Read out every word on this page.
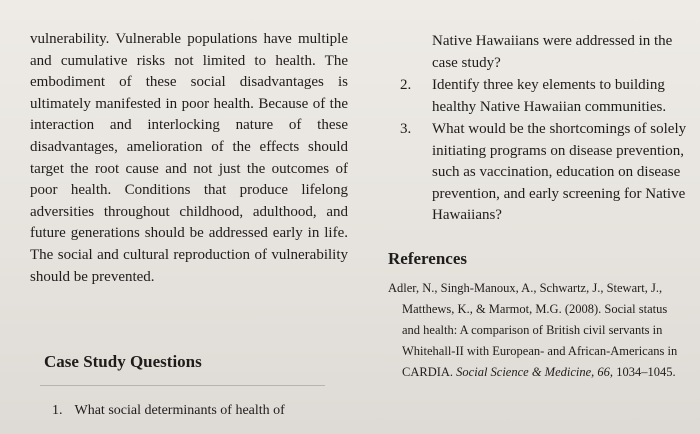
vulnerability. Vulnerable populations have multiple and cumulative risks not limited to health. The embodiment of these social disadvantages is ultimately manifested in poor health. Because of the interaction and interlocking nature of these disadvantages, amelioration of the effects should target the root cause and not just the outcomes of poor health. Conditions that produce lifelong adversities throughout childhood, adulthood, and future generations should be addressed early in life. The social and cultural reproduction of vulnerability should be prevented.

Case Study Questions

1. What social determinants of health of

Native Hawaiians were addressed in the case study?
2. Identify three key elements to building healthy Native Hawaiian communities.
3. What would be the shortcomings of solely initiating programs on disease prevention, such as vaccination, education on disease prevention, and early screening for Native Hawaiians?
References

Adler, N., Singh-Manoux, A., Schwartz, J., Stewart, J., Matthews, K., & Marmot, M.G. (2008). Social status and health: A comparison of British civil servants in Whitehall-II with European- and African-Americans in CARDIA. Social Science & Medicine, 66, 1034–1045.
